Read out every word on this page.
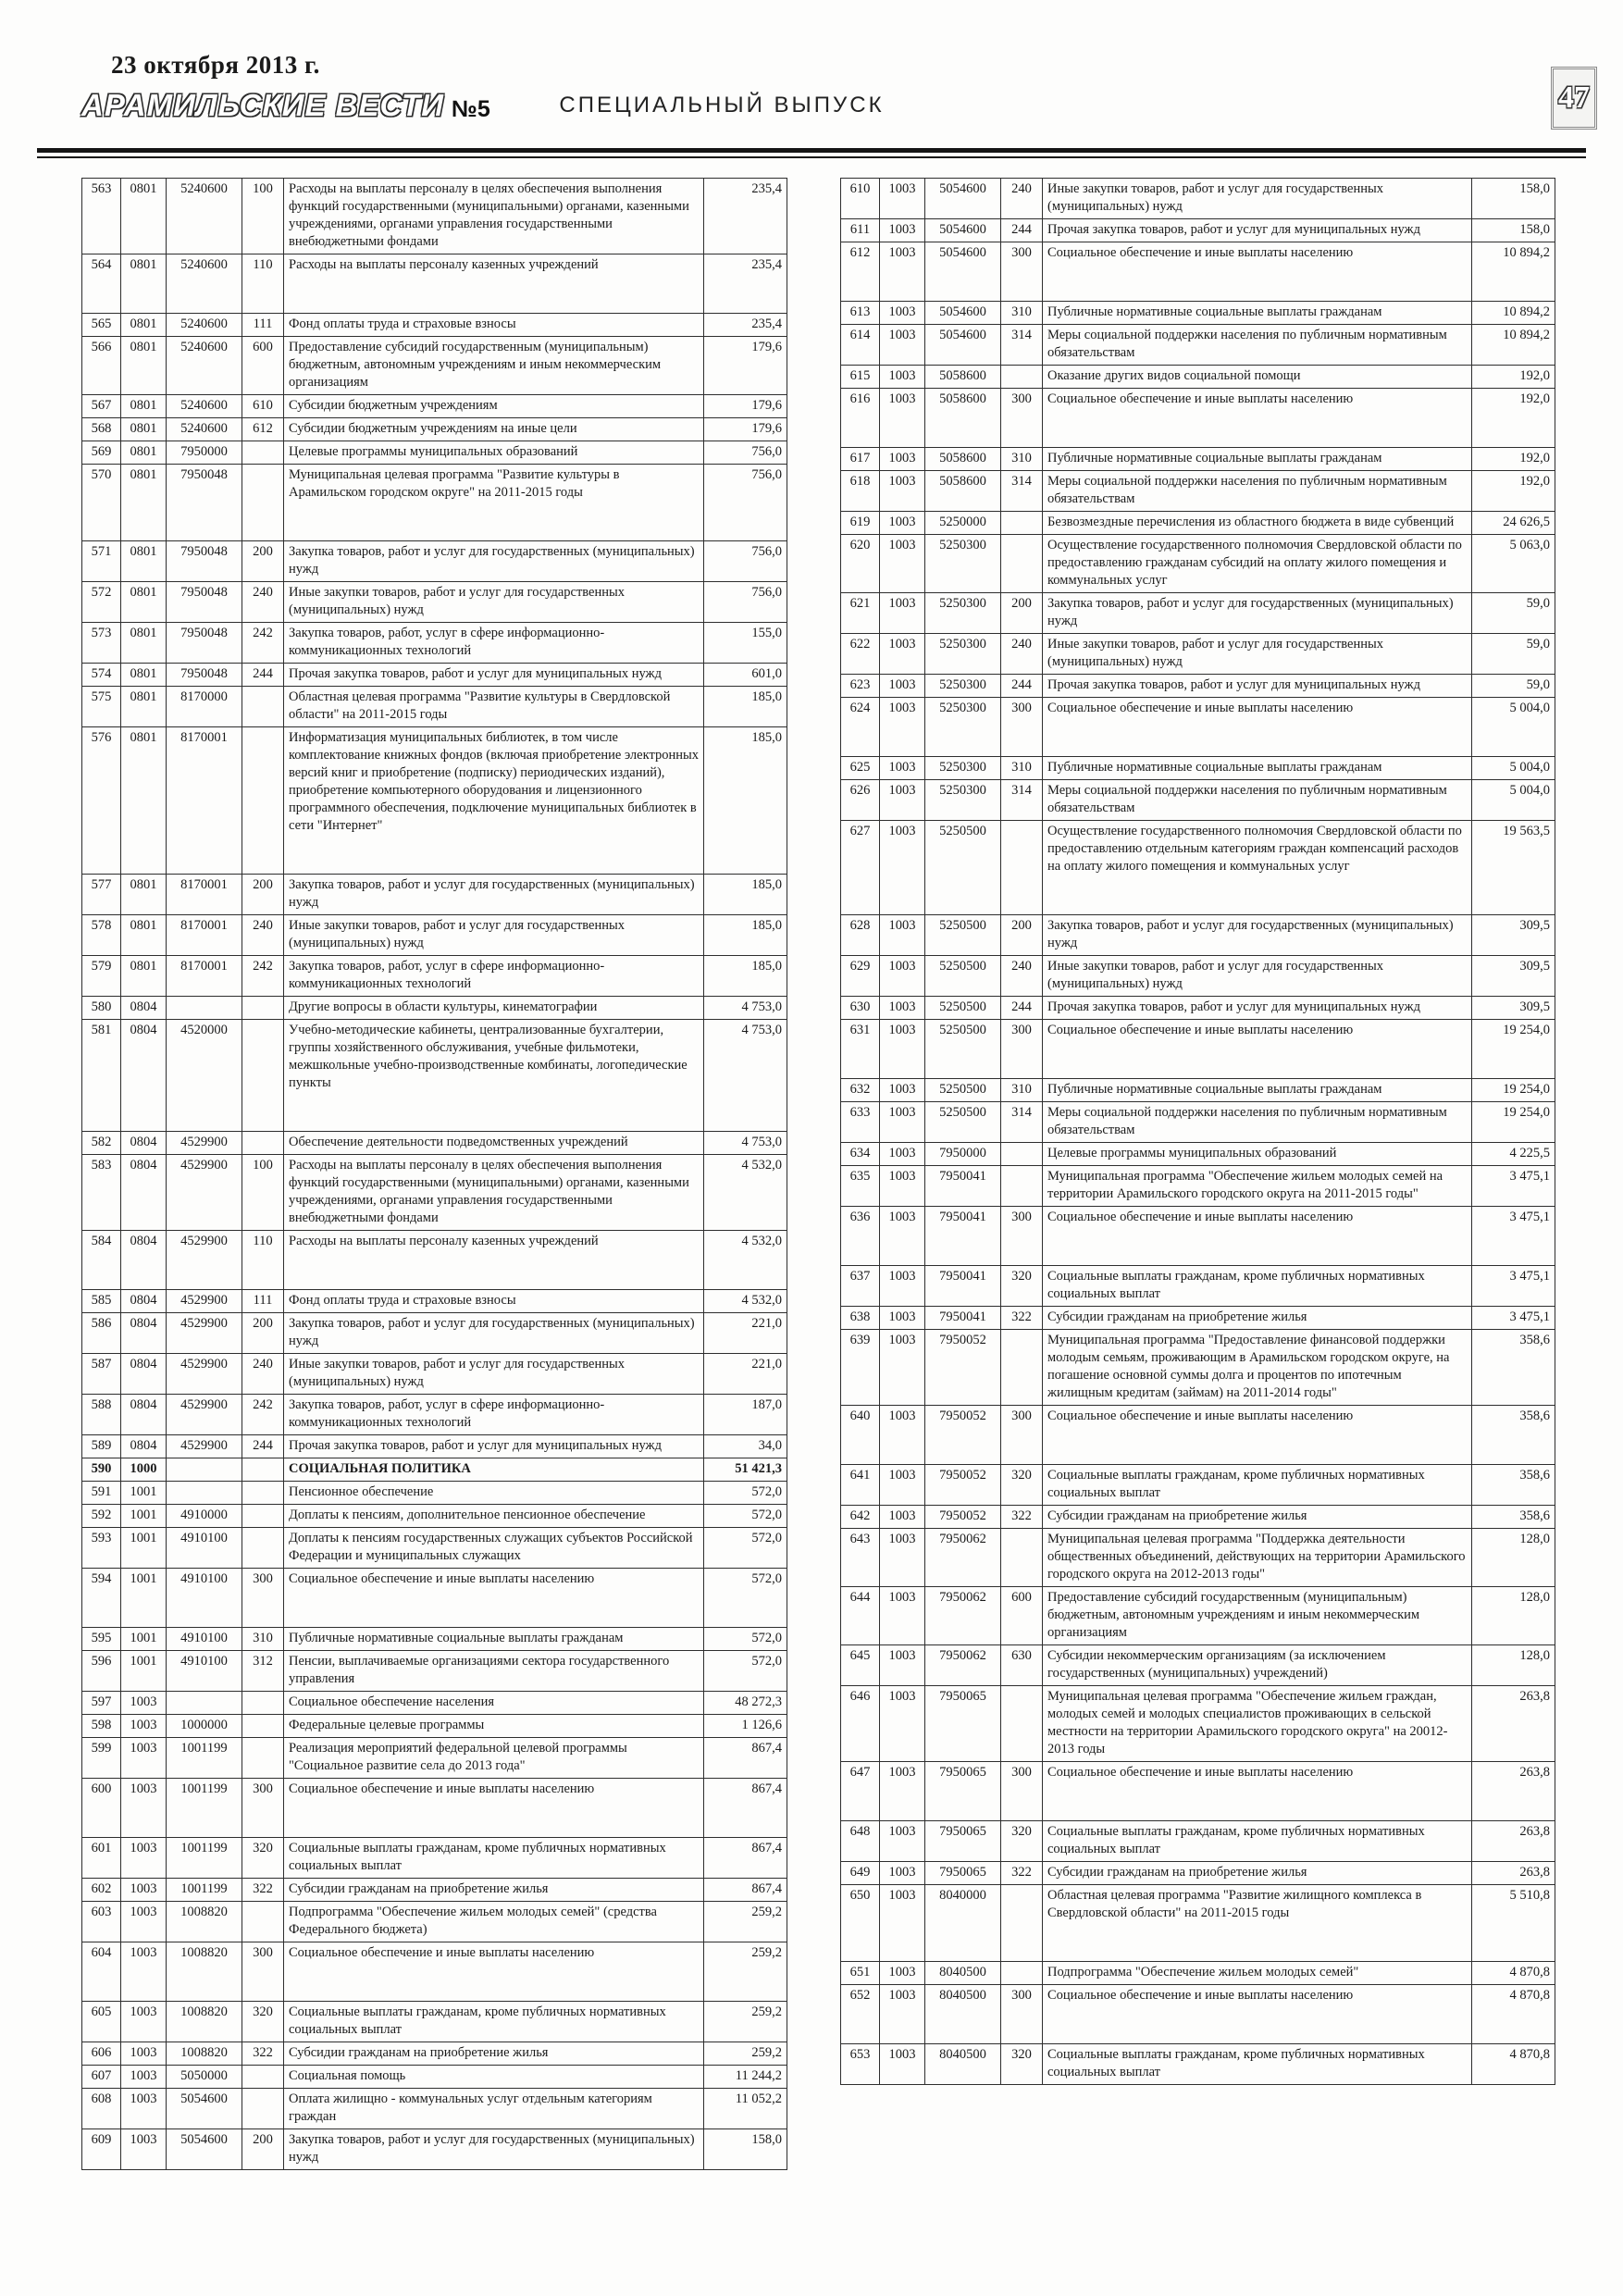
23 октября 2013 г.
АРАМИЛЬСКИЕ ВЕСТИ №5	СПЕЦИАЛЬНЫЙ ВЫПУСК	47
563	0801	5240600	100	Расходы на выплаты персоналу в целях обеспечения выполнения функций государственными (муниципальными) органами, казенными учреждениями, органами управления государственными внебюджетными фондами	235,4
564	0801	5240600	110	Расходы на выплаты персоналу казенных учреждений	235,4
565	0801	5240600	111	Фонд оплаты труда и страховые взносы	235,4
566	0801	5240600	600	Предоставление субсидий государственным (муниципальным) бюджетным, автономным учреждениям и иным некоммерческим организациям	179,6
567	0801	5240600	610	Субсидии бюджетным учреждениям	179,6
568	0801	5240600	612	Субсидии бюджетным учреждениям на иные цели	179,6
569	0801	7950000		Целевые программы муниципальных образований	756,0
570	0801	7950048		Муниципальная целевая программа "Развитие культуры в Арамильском городском округе" на 2011-2015 годы	756,0
571	0801	7950048	200	Закупка товаров, работ и услуг для государственных (муниципальных) нужд	756,0
572	0801	7950048	240	Иные закупки товаров, работ и услуг для государственных (муниципальных) нужд	756,0
573	0801	7950048	242	Закупка товаров, работ, услуг в сфере информационно-коммуникационных технологий	155,0
574	0801	7950048	244	Прочая закупка товаров, работ и услуг для муниципальных нужд	601,0
575	0801	8170000		Областная целевая программа "Развитие культуры в Свердловской области" на 2011-2015 годы	185,0
576	0801	8170001		Информатизация муниципальных библиотек, в том числе комплектование книжных фондов (включая приобретение электронных версий книг и приобретение (подписку) периодических изданий), приобретение компьютерного оборудования и лицензионного программного обеспечения, подключение муниципальных библиотек в сети "Интернет"	185,0
577	0801	8170001	200	Закупка товаров, работ и услуг для государственных (муниципальных) нужд	185,0
578	0801	8170001	240	Иные закупки товаров, работ и услуг для государственных (муниципальных) нужд	185,0
579	0801	8170001	242	Закупка товаров, работ, услуг в сфере информационно-коммуникационных технологий	185,0
580	0804			Другие вопросы в области культуры, кинематографии	4 753,0
581	0804	4520000		Учебно-методические кабинеты, централизованные бухгалтерии, группы хозяйственного обслуживания, учебные фильмотеки, межшкольные учебно-производственные комбинаты, логопедические пункты	4 753,0
582	0804	4529900		Обеспечение деятельности подведомственных учреждений	4 753,0
583	0804	4529900	100	Расходы на выплаты персоналу в целях обеспечения выполнения функций государственными (муниципальными) органами, казенными учреждениями, органами управления государственными внебюджетными фондами	4 532,0
584	0804	4529900	110	Расходы на выплаты персоналу казенных учреждений	4 532,0
585	0804	4529900	111	Фонд оплаты труда и страховые взносы	4 532,0
586	0804	4529900	200	Закупка товаров, работ и услуг для государственных (муниципальных) нужд	221,0
587	0804	4529900	240	Иные закупки товаров, работ и услуг для государственных (муниципальных) нужд	221,0
588	0804	4529900	242	Закупка товаров, работ, услуг в сфере информационно-коммуникационных технологий	187,0
589	0804	4529900	244	Прочая закупка товаров, работ и услуг для муниципальных нужд	34,0
590	1000			СОЦИАЛЬНАЯ ПОЛИТИКА	51 421,3
591	1001			Пенсионное обеспечение	572,0
592	1001	4910000		Доплаты к пенсиям, дополнительное пенсионное обеспечение	572,0
593	1001	4910100		Доплаты к пенсиям государственных служащих субъектов Российской Федерации и муниципальных служащих	572,0
594	1001	4910100	300	Социальное обеспечение и иные выплаты населению	572,0
595	1001	4910100	310	Публичные нормативные социальные выплаты гражданам	572,0
596	1001	4910100	312	Пенсии, выплачиваемые организациями сектора государственного управления	572,0
597	1003			Социальное обеспечение населения	48 272,3
598	1003	1000000		Федеральные целевые программы	1 126,6
599	1003	1001199		Реализация мероприятий федеральной целевой программы "Социальное развитие села до 2013 года"	867,4
600	1003	1001199	300	Социальное обеспечение и иные выплаты населению	867,4
601	1003	1001199	320	Социальные выплаты гражданам, кроме публичных нормативных социальных выплат	867,4
602	1003	1001199	322	Субсидии гражданам на приобретение жилья	867,4
603	1003	1008820		Подпрограмма "Обеспечение жильем молодых семей" (средства Федерального бюджета)	259,2
604	1003	1008820	300	Социальное обеспечение и иные выплаты населению	259,2
605	1003	1008820	320	Социальные выплаты гражданам, кроме публичных нормативных социальных выплат	259,2
606	1003	1008820	322	Субсидии гражданам на приобретение жилья	259,2
607	1003	5050000		Социальная помощь	11 244,2
608	1003	5054600		Оплата жилищно - коммунальных услуг отдельным категориям граждан	11 052,2
609	1003	5054600	200	Закупка товаров, работ и услуг для государственных (муниципальных) нужд	158,0
610	1003	5054600	240	Иные закупки товаров, работ и услуг для государственных (муниципальных) нужд	158,0
611	1003	5054600	244	Прочая закупка товаров, работ и услуг для муниципальных нужд	158,0
612	1003	5054600	300	Социальное обеспечение и иные выплаты населению	10 894,2
613	1003	5054600	310	Публичные нормативные социальные выплаты гражданам	10 894,2
614	1003	5054600	314	Меры социальной поддержки населения по публичным нормативным обязательствам	10 894,2
615	1003	5058600		Оказание других видов социальной помощи	192,0
616	1003	5058600	300	Социальное обеспечение и иные выплаты населению	192,0
617	1003	5058600	310	Публичные нормативные социальные выплаты гражданам	192,0
618	1003	5058600	314	Меры социальной поддержки населения по публичным нормативным обязательствам	192,0
619	1003	5250000		Безвозмездные перечисления из областного бюджета в виде субвенций	24 626,5
620	1003	5250300		Осуществление государственного полномочия Свердловской области по предоставлению гражданам субсидий на оплату жилого помещения и коммунальных услуг	5 063,0
621	1003	5250300	200	Закупка товаров, работ и услуг для государственных (муниципальных) нужд	59,0
622	1003	5250300	240	Иные закупки товаров, работ и услуг для государственных (муниципальных) нужд	59,0
623	1003	5250300	244	Прочая закупка товаров, работ и услуг для муниципальных нужд	59,0
624	1003	5250300	300	Социальное обеспечение и иные выплаты населению	5 004,0
625	1003	5250300	310	Публичные нормативные социальные выплаты гражданам	5 004,0
626	1003	5250300	314	Меры социальной поддержки населения по публичным нормативным обязательствам	5 004,0
627	1003	5250500		Осуществление государственного полномочия Свердловской области по предоставлению отдельным категориям граждан компенсаций расходов на оплату жилого помещения и коммунальных услуг	19 563,5
628	1003	5250500	200	Закупка товаров, работ и услуг для государственных (муниципальных) нужд	309,5
629	1003	5250500	240	Иные закупки товаров, работ и услуг для государственных (муниципальных) нужд	309,5
630	1003	5250500	244	Прочая закупка товаров, работ и услуг для муниципальных нужд	309,5
631	1003	5250500	300	Социальное обеспечение и иные выплаты населению	19 254,0
632	1003	5250500	310	Публичные нормативные социальные выплаты гражданам	19 254,0
633	1003	5250500	314	Меры социальной поддержки населения по публичным нормативным обязательствам	19 254,0
634	1003	7950000		Целевые программы муниципальных образований	4 225,5
635	1003	7950041		Муниципальная программа "Обеспечение жильем молодых семей на территории Арамильского городского округа на 2011-2015 годы"	3 475,1
636	1003	7950041	300	Социальное обеспечение и иные выплаты населению	3 475,1
637	1003	7950041	320	Социальные выплаты гражданам, кроме публичных нормативных социальных выплат	3 475,1
638	1003	7950041	322	Субсидии гражданам на приобретение жилья	3 475,1
639	1003	7950052		Муниципальная программа "Предоставление финансовой поддержки молодым семьям, проживающим в Арамильском городском округе, на погашение основной суммы долга и процентов по ипотечным жилищным кредитам (займам) на 2011-2014 годы"	358,6
640	1003	7950052	300	Социальное обеспечение и иные выплаты населению	358,6
641	1003	7950052	320	Социальные выплаты гражданам, кроме публичных нормативных социальных выплат	358,6
642	1003	7950052	322	Субсидии гражданам на приобретение жилья	358,6
643	1003	7950062		Муниципальная целевая программа "Поддержка деятельности общественных объединений, действующих на территории Арамильского городского округа на 2012-2013 годы"	128,0
644	1003	7950062	600	Предоставление субсидий государственным (муниципальным) бюджетным, автономным учреждениям и иным некоммерческим организациям	128,0
645	1003	7950062	630	Субсидии некоммерческим организациям (за исключением государственных (муниципальных) учреждений)	128,0
646	1003	7950065		Муниципальная целевая программа "Обеспечение жильем граждан, молодых семей и молодых специалистов проживающих в сельской местности на территории Арамильского городского округа" на 20012-2013 годы	263,8
647	1003	7950065	300	Социальное обеспечение и иные выплаты населению	263,8
648	1003	7950065	320	Социальные выплаты гражданам, кроме публичных нормативных социальных выплат	263,8
649	1003	7950065	322	Субсидии гражданам на приобретение жилья	263,8
650	1003	8040000		Областная целевая программа "Развитие жилищного комплекса в Свердловской области" на 2011-2015 годы	5 510,8
651	1003	8040500		Подпрограмма "Обеспечение жильем молодых семей"	4 870,8
652	1003	8040500	300	Социальное обеспечение и иные выплаты населению	4 870,8
653	1003	8040500	320	Социальные выплаты гражданам, кроме публичных нормативных социальных выплат	4 870,8
